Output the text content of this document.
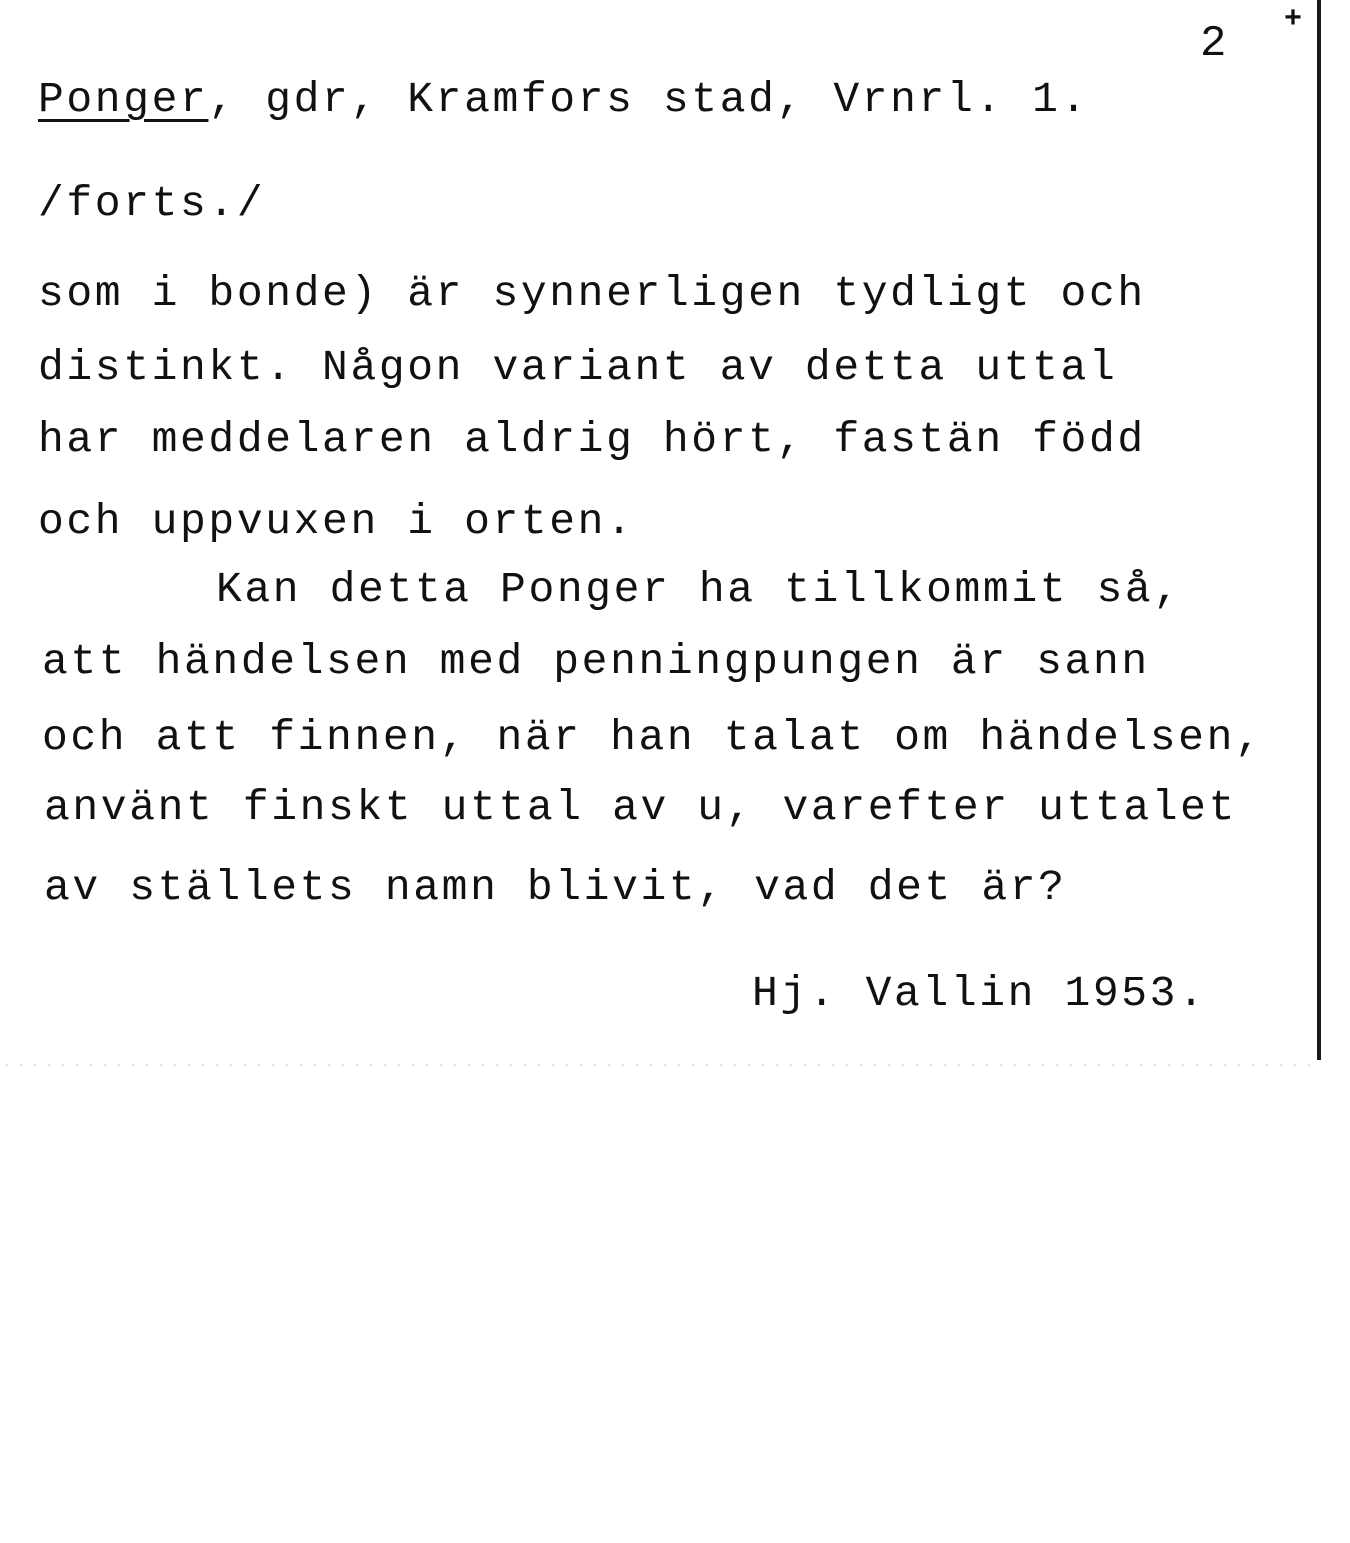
+
2
Ponger, gdr, Kramfors stad, Vrnrl. 1.
/forts./
som i bonde) är synnerligen tydligt och
distinkt. Någon variant av detta uttal
har meddelaren aldrig hört, fastän född
och uppvuxen i orten.
Kan detta Ponger ha tillkommit så,
att händelsen med penningpungen är sann
och att finnen, när han talat om händelsen,
använt finskt uttal av u, varefter uttalet
av ställets namn blivit, vad det är?
Hj. Vallin 1953.
